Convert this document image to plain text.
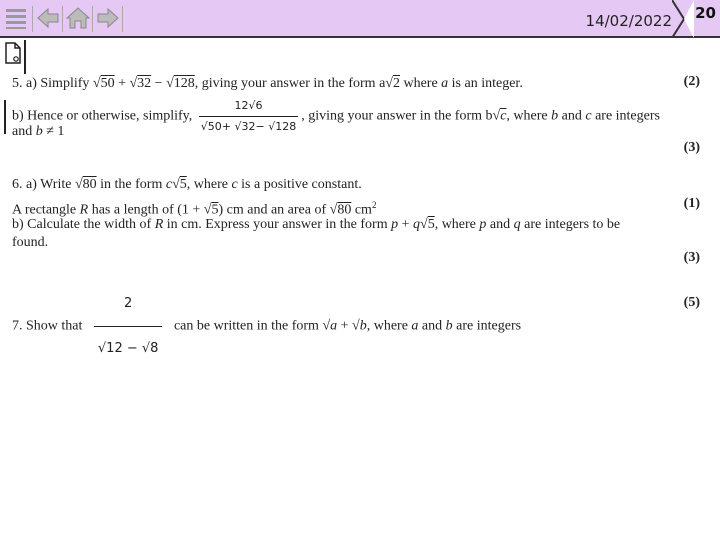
14/02/2022 20
5. a) Simplify √50 + √32 − √128, giving your answer in the form a√2 where a is an integer.	(2)
b) Hence or otherwise, simplify, $\frac{12√6}{√50+ √32- √128}$ , giving your answer in the form b√c, where b and c are integers
and b ≠ 1
(3)
6. a) Write √80 in the form c√5, where c is a positive constant.
A rectangle R has a length of (1 + √5) cm and an area of √80 $cm^2$	(1)
b) Calculate the width of R in cm. Express your answer in the form p + q√5, where p and q are integers to be
found.
(3)
7. Show that $\frac{2}{√12 - √8}$ can be written in the form √a + √b, where a and b are integers
(5)
